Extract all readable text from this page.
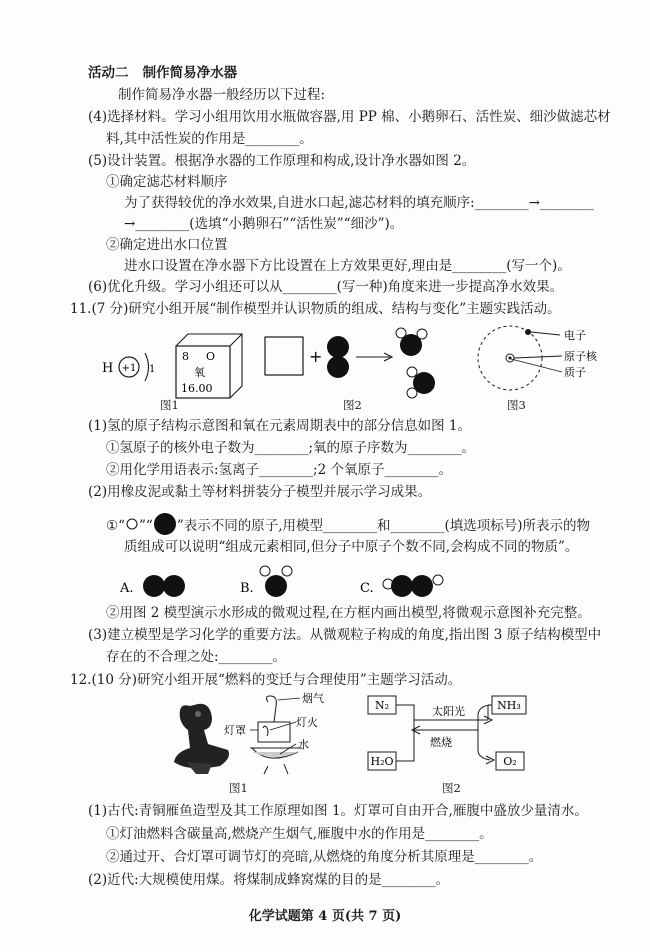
活动二 制作简易净水器
制作简易净水器一般经历以下过程:
(4)选择材料。学习小组用饮用水瓶做容器,用 PP 棉、小鹅卵石、活性炭、细沙做滤芯材
料,其中活性炭的作用是________。
(5)设计装置。根据净水器的工作原理和构成,设计净水器如图 2。
①确定滤芯材料顺序
为了获得较优的净水效果,自进水口起,滤芯材料的填充顺序:________→________
→________(选填“小鹅卵石”“活性炭”“细沙”)。
②确定进出水口位置
进水口设置在净水器下方比设置在上方效果更好,理由是________(写一个)。
(6)优化升级。学习小组还可以从________(写一种)角度来进一步提高净水效果。
11.(7 分)研究小组开展“制作模型并认识物质的组成、结构与变化”主题实践活动。
H +1 1
8 O
氧
16.00
图1
+
图2
电子
原子核
质子
图3
(1)氢的原子结构示意图和氧在元素周期表中的部分信息如图 1。
①氢原子的核外电子数为________;氧的原子序数为________。
②用化学用语表示:氢离子________;2 个氧原子________。
(2)用橡皮泥或黏土等材料拼装分子模型并展示学习成果。
①“ ”“ ”表示不同的原子,用模型________和________(填选项标号)所表示的物
质组成可以说明“组成元素相同,但分子中原子个数不同,会构成不同的物质”。
A.	B.	C.
②用图 2 模型演示水形成的微观过程,在方框内画出模型,将微观示意图补充完整。
(3)建立模型是学习化学的重要方法。从微观粒子构成的角度,指出图 3 原子结构模型中
存在的不合理之处:________。
12.(10 分)研究小组开展“燃料的变迁与合理使用”主题学习活动。
烟气
灯罩
灯火
水
图1
N₂
H₂O
NH₃
O₂
太阳光
燃烧
图2
(1)古代:青铜雁鱼造型及其工作原理如图 1。灯罩可自由开合,雁腹中盛放少量清水。
①灯油燃料含碳量高,燃烧产生烟气,雁腹中水的作用是________。
②通过开、合灯罩可调节灯的亮暗,从燃烧的角度分析其原理是________。
(2)近代:大规模使用煤。将煤制成蜂窝煤的目的是________。
化学试题第 4 页(共 7 页)
